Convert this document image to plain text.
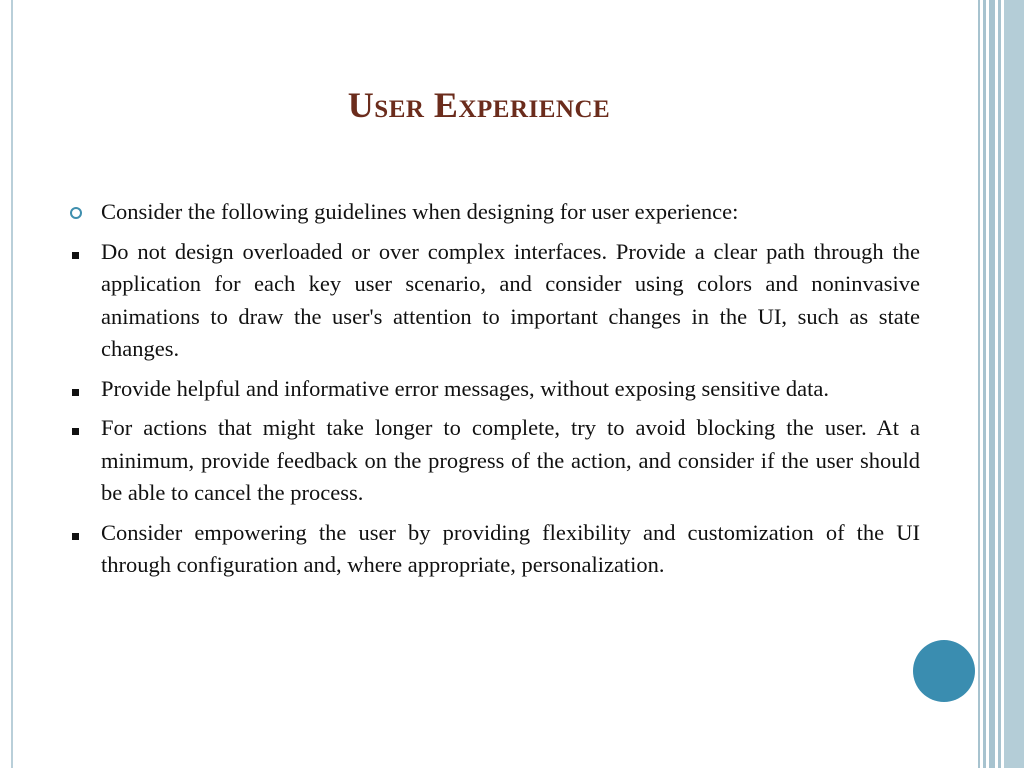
User Experience
Consider the following guidelines when designing for user experience:
Do not design overloaded or over complex interfaces. Provide a clear path through the application for each key user scenario, and consider using colors and noninvasive animations to draw the user's attention to important changes in the UI, such as state changes.
Provide helpful and informative error messages, without exposing sensitive data.
For actions that might take longer to complete, try to avoid blocking the user. At a minimum, provide feedback on the progress of the action, and consider if the user should be able to cancel the process.
Consider empowering the user by providing flexibility and customization of the UI through configuration and, where appropriate, personalization.
